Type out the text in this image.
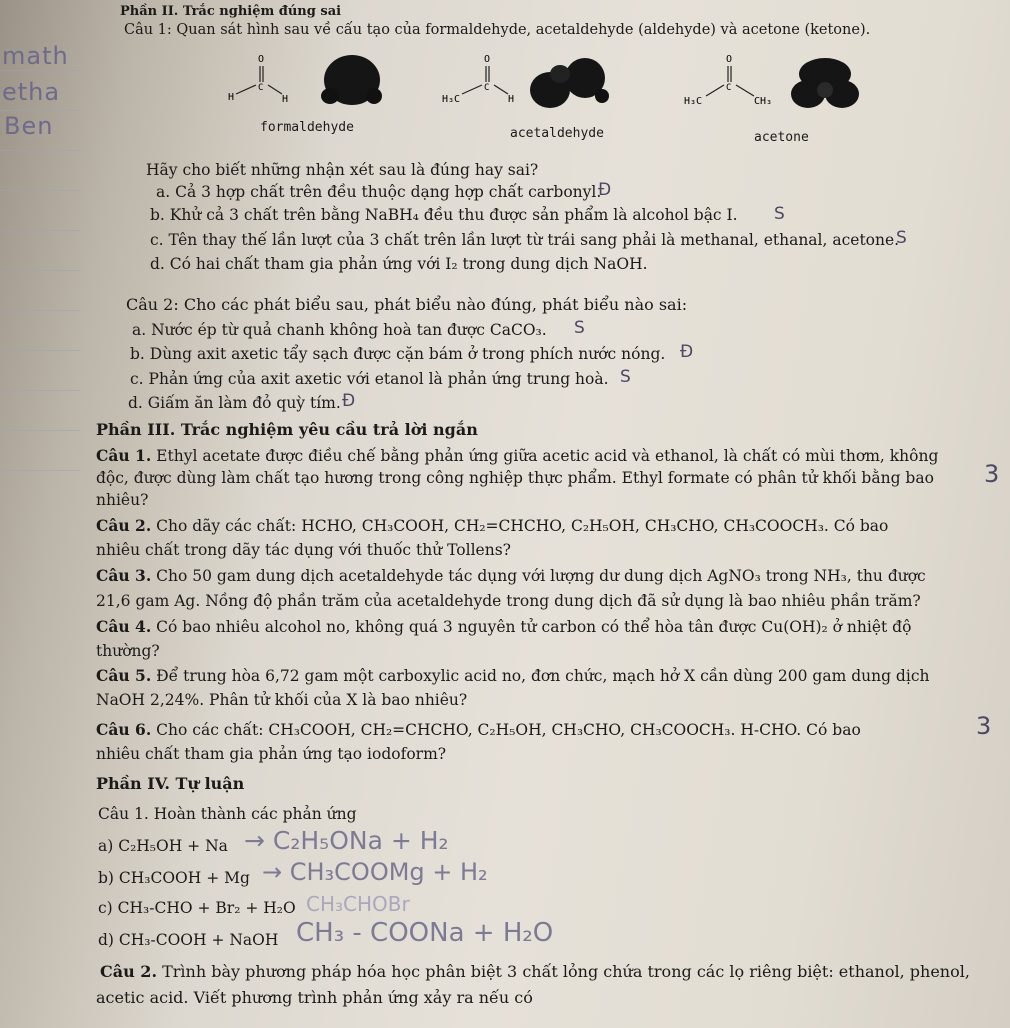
math
etha
Ben
Phần II. Trắc nghiệm đúng sai
Câu 1: Quan sát hình sau về cấu tạo của formaldehyde, acetaldehyde (aldehyde) và acetone (ketone).
O
C
H	H
formaldehyde
O
C
H₃C	H
acetaldehyde
O
C
H₃C	CH₃
acetone
Hãy cho biết những nhận xét sau là đúng hay sai?
a. Cả 3 hợp chất trên đều thuộc dạng hợp chất carbonyl.
Đ
b. Khử cả 3 chất trên bằng NaBH₄ đều thu được sản phẩm là alcohol bậc I. S
c. Tên thay thế lần lượt của 3 chất trên lần lượt từ trái sang phải là methanal, ethanal, acetone.
S
d. Có hai chất tham gia phản ứng với I₂ trong dung dịch NaOH.
Câu 2: Cho các phát biểu sau, phát biểu nào đúng, phát biểu nào sai:
a. Nước ép từ quả chanh không hoà tan được CaCO₃. S
b. Dùng axit axetic tẩy sạch được cặn bám ở trong phích nước nóng. Đ
c. Phản ứng của axit axetic với etanol là phản ứng trung hoà. S
d. Giấm ăn làm đỏ quỳ tím. Đ
Phần III. Trắc nghiệm yêu cầu trả lời ngắn
Câu 1. Ethyl acetate được điều chế bằng phản ứng giữa acetic acid và ethanol, là chất có mùi thơm, không
độc, được dùng làm chất tạo hương trong công nghiệp thực phẩm. Ethyl formate có phân tử khối bằng bao
nhiêu?
3
Câu 2. Cho dãy các chất: HCHO, CH₃COOH, CH₂=CHCHO, C₂H₅OH, CH₃CHO, CH₃COOCH₃. Có bao
nhiêu chất trong dãy tác dụng với thuốc thử Tollens?
Câu 3. Cho 50 gam dung dịch acetaldehyde tác dụng với lượng dư dung dịch AgNO₃ trong NH₃, thu được
21,6 gam Ag. Nồng độ phần trăm của acetaldehyde trong dung dịch đã sử dụng là bao nhiêu phần trăm?
Câu 4. Có bao nhiêu alcohol no, không quá 3 nguyên tử carbon có thể hòa tân được Cu(OH)₂ ở nhiệt độ
thường?
Câu 5. Để trung hòa 6,72 gam một carboxylic acid no, đơn chức, mạch hở X cần dùng 200 gam dung dịch
NaOH 2,24%. Phân tử khối của X là bao nhiêu?
Câu 6. Cho các chất: CH₃COOH, CH₂=CHCHO, C₂H₅OH, CH₃CHO, CH₃COOCH₃. H-CHO. Có bao
nhiêu chất tham gia phản ứng tạo iodoform?
3
Phần IV. Tự luận
Câu 1. Hoàn thành các phản ứng
a) C₂H₅OH + Na → C₂H₅ONa + H₂
b) CH₃COOH + Mg → CH₃COOMg + H₂
c) CH₃-CHO + Br₂ + H₂O CH₃CHOBr
d) CH₃-COOH + NaOH CH₃ - COONa + H₂O
Câu 2. Trình bày phương pháp hóa học phân biệt 3 chất lỏng chứa trong các lọ riêng biệt: ethanol, phenol,
acetic acid. Viết phương trình phản ứng xảy ra nếu có
